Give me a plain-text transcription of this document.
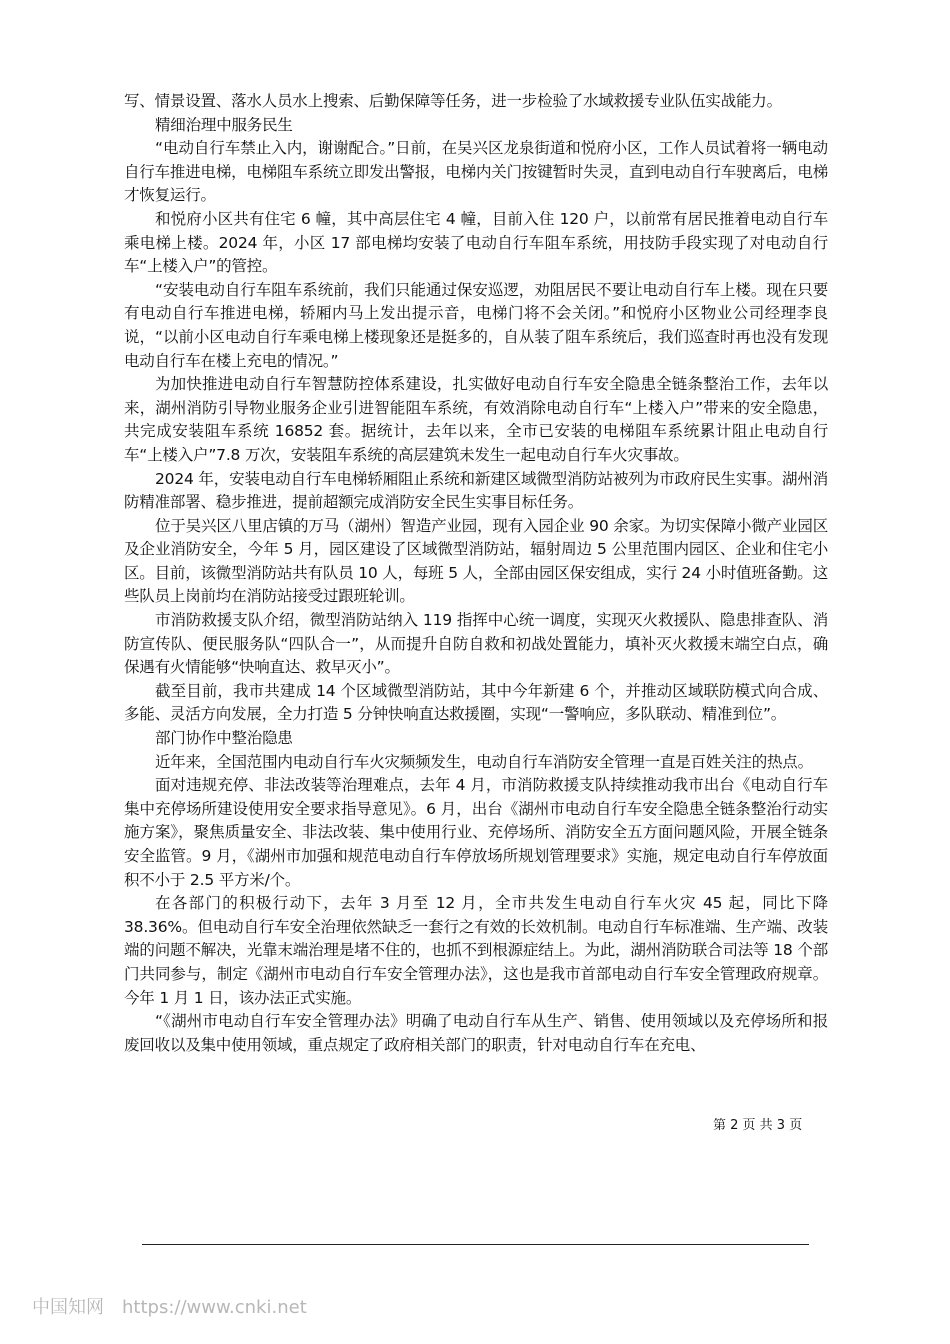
写、情景设置、落水人员水上搜索、后勤保障等任务，进一步检验了水域救援专业队伍实战能力。

精细治理中服务民生

“电动自行车禁止入内，谢谢配合。”日前，在吴兴区龙泉街道和悦府小区，工作人员试着将一辆电动自行车推进电梯，电梯阻车系统立即发出警报，电梯内关门按键暂时失灵，直到电动自行车驶离后，电梯才恢复运行。

和悦府小区共有住宅 6 幢，其中高层住宅 4 幢，目前入住 120 户，以前常有居民推着电动自行车乘电梯上楼。2024 年，小区 17 部电梯均安装了电动自行车阻车系统，用技防手段实现了对电动自行车“上楼入户”的管控。

“安装电动自行车阻车系统前，我们只能通过保安巡逻，劝阻居民不要让电动自行车上楼。现在只要有电动自行车推进电梯，轿厢内马上发出提示音，电梯门将不会关闭。”和悦府小区物业公司经理李良说，“以前小区电动自行车乘电梯上楼现象还是挺多的，自从装了阻车系统后，我们巡查时再也没有发现电动自行车在楼上充电的情况。”

为加快推进电动自行车智慧防控体系建设，扎实做好电动自行车安全隐患全链条整治工作，去年以来，湖州消防引导物业服务企业引进智能阻车系统，有效消除电动自行车“上楼入户”带来的安全隐患，共完成安装阻车系统 16852 套。据统计，去年以来，全市已安装的电梯阻车系统累计阻止电动自行车“上楼入户”7.8 万次，安装阻车系统的高层建筑未发生一起电动自行车火灾事故。

2024 年，安装电动自行车电梯轿厢阻止系统和新建区域微型消防站被列为市政府民生实事。湖州消防精准部署、稳步推进，提前超额完成消防安全民生实事目标任务。

位于吴兴区八里店镇的万马（湖州）智造产业园，现有入园企业 90 余家。为切实保障小微产业园区及企业消防安全，今年 5 月，园区建设了区域微型消防站，辐射周边 5 公里范围内园区、企业和住宅小区。目前，该微型消防站共有队员 10 人，每班 5 人，全部由园区保安组成，实行 24 小时值班备勤。这些队员上岗前均在消防站接受过跟班轮训。

市消防救援支队介绍，微型消防站纳入 119 指挥中心统一调度，实现灭火救援队、隐患排查队、消防宣传队、便民服务队“四队合一”，从而提升自防自救和初战处置能力，填补灭火救援末端空白点，确保遇有火情能够“快响直达、救早灭小”。

截至目前，我市共建成 14 个区域微型消防站，其中今年新建 6 个，并推动区域联防模式向合成、多能、灵活方向发展，全力打造 5 分钟快响直达救援圈，实现“一警响应，多队联动、精准到位”。

部门协作中整治隐患

近年来，全国范围内电动自行车火灾频频发生，电动自行车消防安全管理一直是百姓关注的热点。

面对违规充停、非法改装等治理难点，去年 4 月，市消防救援支队持续推动我市出台《电动自行车集中充停场所建设使用安全要求指导意见》。6 月，出台《湖州市电动自行车安全隐患全链条整治行动实施方案》，聚焦质量安全、非法改装、集中使用行业、充停场所、消防安全五方面问题风险，开展全链条安全监管。9 月，《湖州市加强和规范电动自行车停放场所规划管理要求》实施，规定电动自行车停放面积不小于 2.5 平方米/个。

在各部门的积极行动下，去年 3 月至 12 月，全市共发生电动自行车火灾 45 起，同比下降 38.36%。但电动自行车安全治理依然缺乏一套行之有效的长效机制。电动自行车标准端、生产端、改装端的问题不解决，光靠末端治理是堵不住的，也抓不到根源症结上。为此，湖州消防联合司法等 18 个部门共同参与，制定《湖州市电动自行车安全管理办法》，这也是我市首部电动自行车安全管理政府规章。今年 1 月 1 日，该办法正式实施。

“《湖州市电动自行车安全管理办法》明确了电动自行车从生产、销售、使用领域以及充停场所和报废回收以及集中使用领域，重点规定了政府相关部门的职责，针对电动自行车在充电、

第 2 页 共 3 页
中国知网 https://www.cnki.net
